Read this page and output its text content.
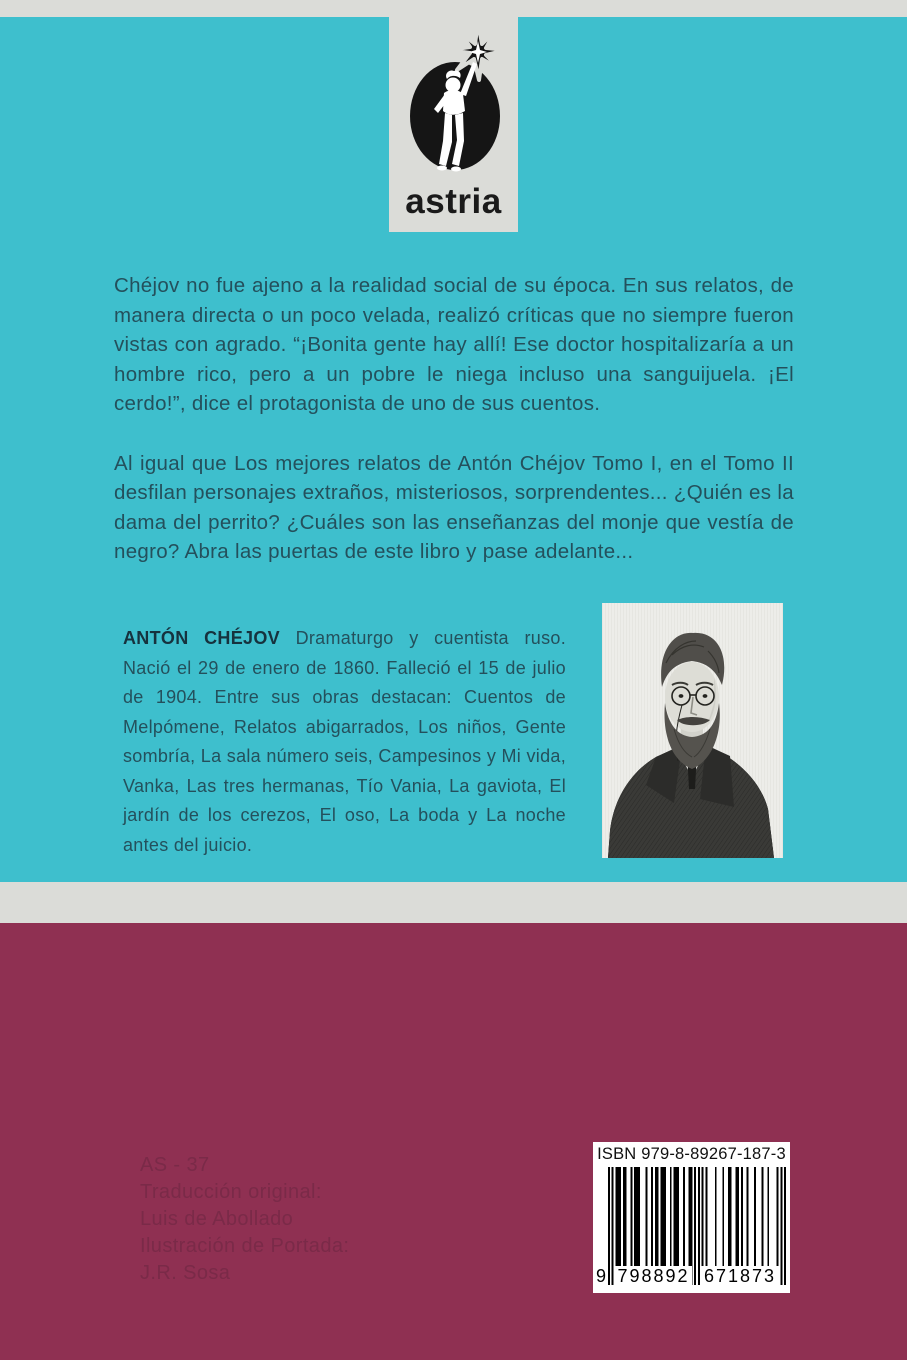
astria

Chéjov no fue ajeno a la realidad social de su época. En sus relatos, de manera directa o un poco velada, realizó críticas que no siempre fueron vistas con agrado. “¡Bonita gente hay allí! Ese doctor hospitalizaría a un hombre rico, pero a un pobre le niega incluso una sanguijuela. ¡El cerdo!”, dice el protagonista de uno de sus cuentos.

Al igual que Los mejores relatos de Antón Chéjov Tomo I, en el Tomo II desfilan personajes extraños, misteriosos, sorprendentes... ¿Quién es la dama del perrito? ¿Cuáles son las enseñanzas del monje que vestía de negro? Abra las puertas de este libro y pase adelante...

ANTÓN CHÉJOV Dramaturgo y cuentista ruso. Nació el 29 de enero de 1860. Falleció el 15 de julio de 1904. Entre sus obras destacan: Cuentos de Melpómene, Relatos abigarrados, Los niños, Gente sombría, La sala número seis, Campesinos y Mi vida, Vanka, Las tres hermanas, Tío Vania, La gaviota, El jardín de los cerezos, El oso, La boda y La noche antes del juicio.
AS - 37
Traducción original:
Luis de Abollado
Ilustración de Portada:
J.R. Sosa
ISBN 979-8-89267-187-3
9 798892 671873
